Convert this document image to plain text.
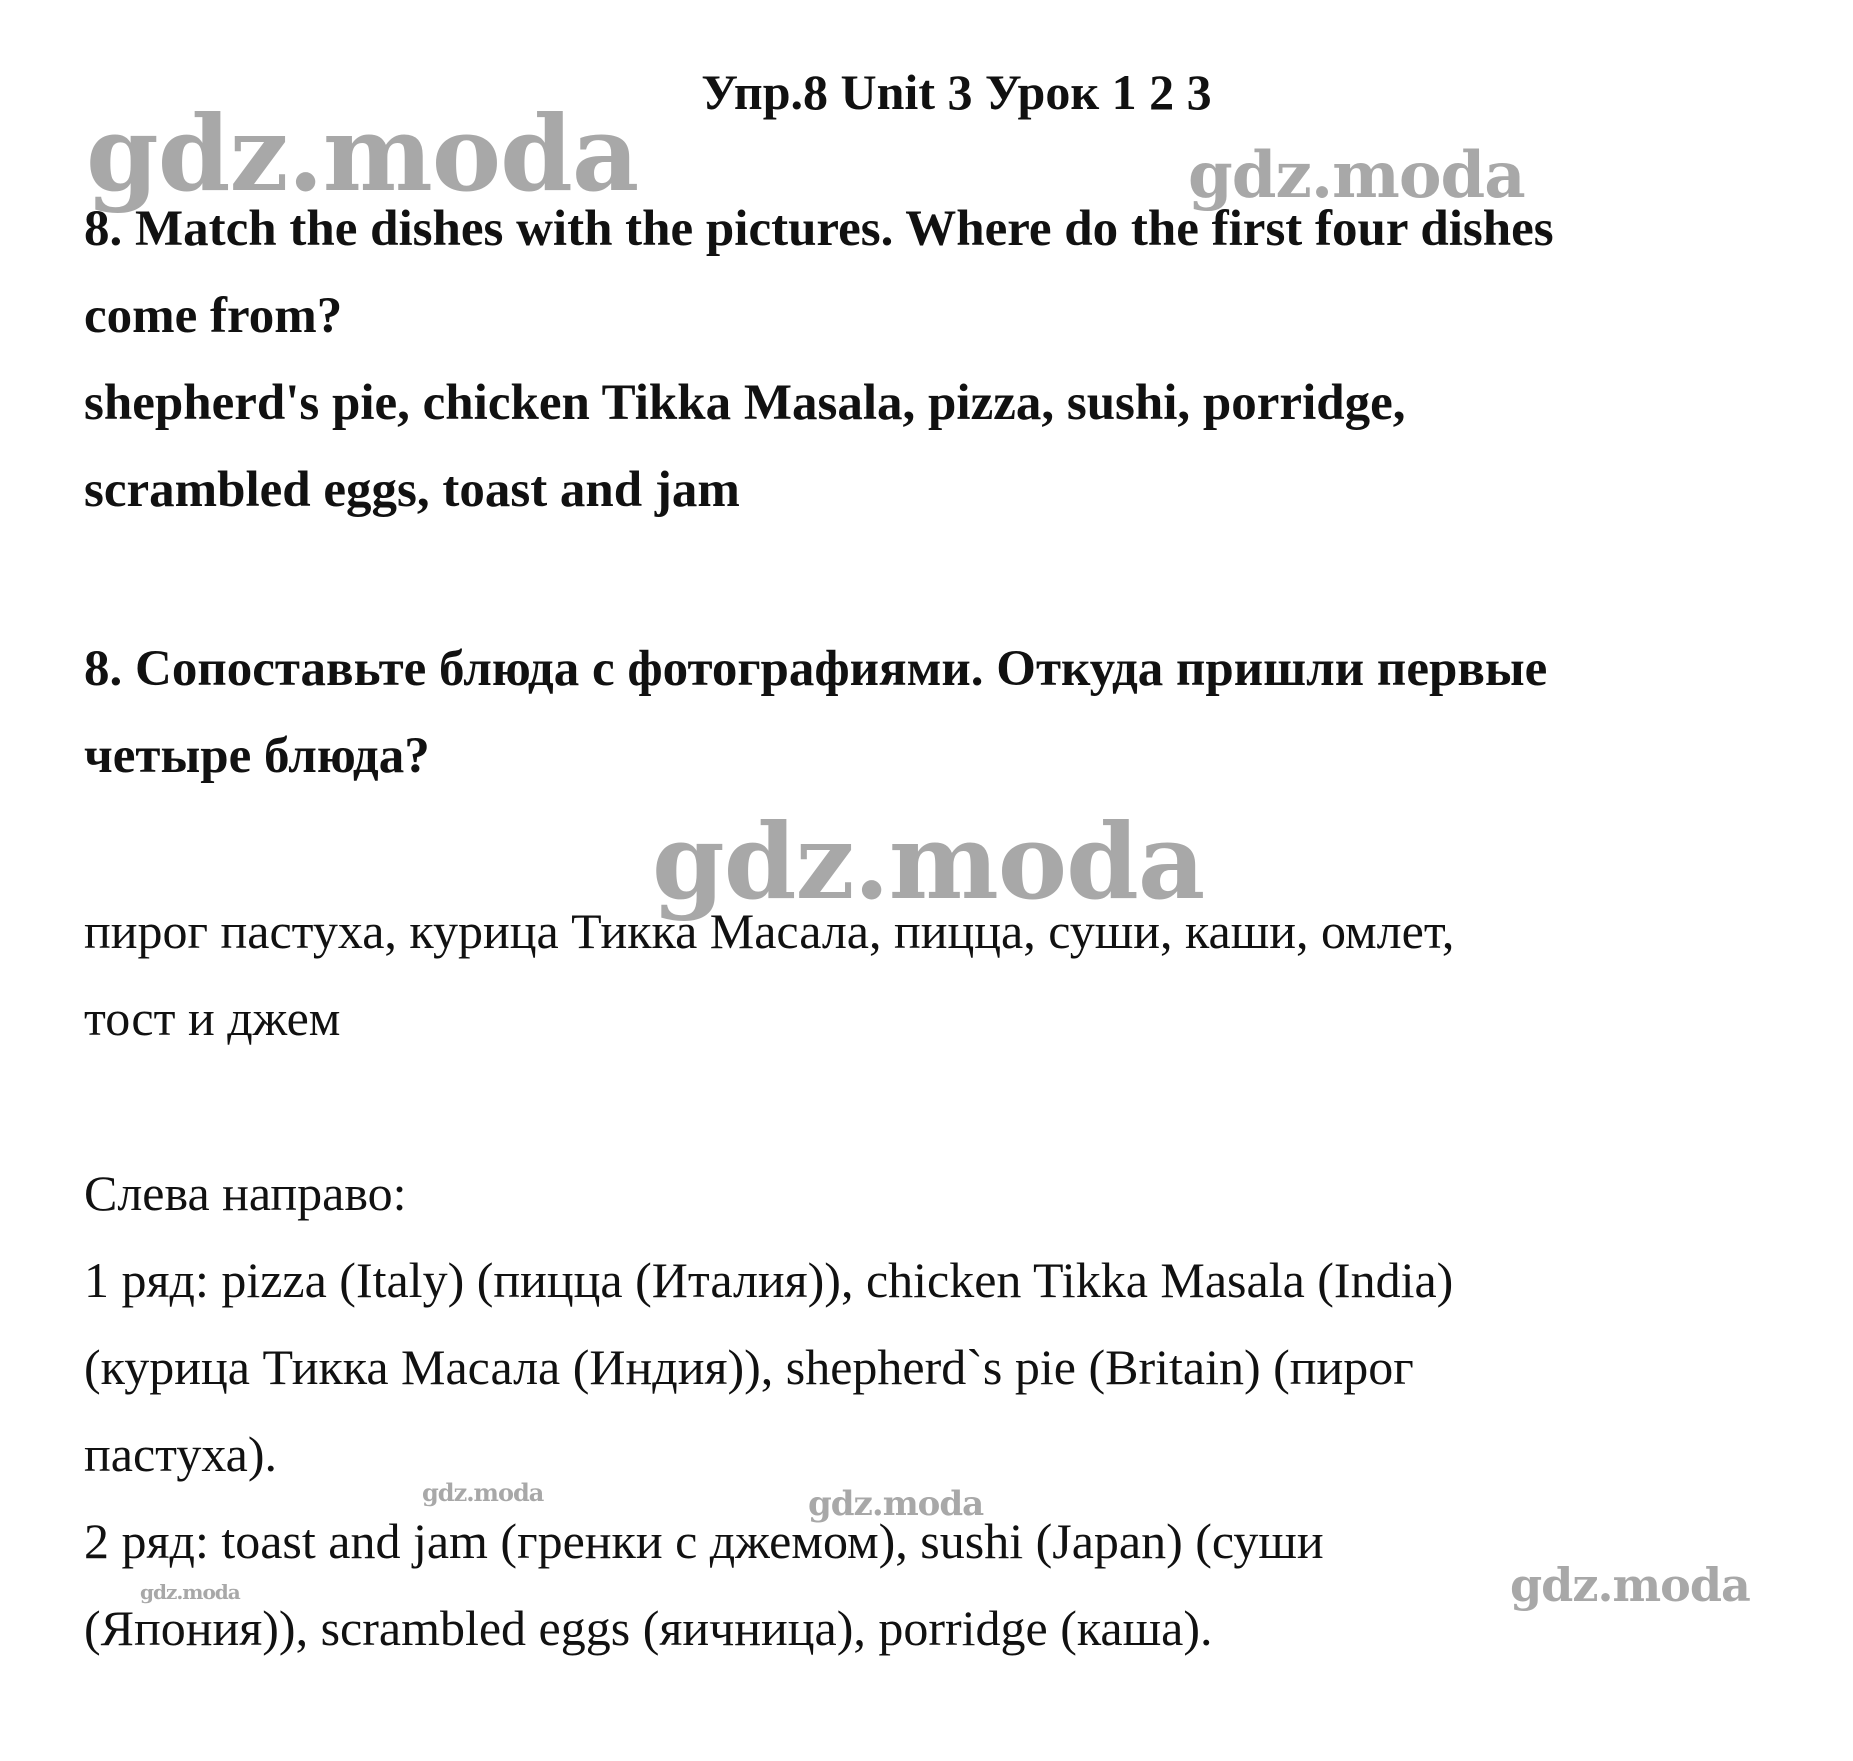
gdz.moda	gdz.moda
gdz.moda
gdz.moda	gdz.moda
gdz.moda	gdz.moda
Упр.8 Unit 3 Урок 1 2 3
8. Match the dishes with the pictures. Where do the first four dishes
come from?
shepherd's pie, chicken Tikka Masala, pizza, sushi, porridge,
scrambled eggs, toast and jam
8. Сопоставьте блюда с фотографиями. Откуда пришли первые
четыре блюда?
пирог пастуха, курица Тикка Масала, пицца, суши, каши, омлет,
тост и джем
Слева направо:
1 ряд: pizza (Italy) (пицца (Италия)), chicken Tikka Masala (India)
(курица Тикка Масала (Индия)), shepherd`s pie (Britain) (пирог
пастуха).
2 ряд: toast and jam (гренки с джемом), sushi (Japan) (суши
(Япония)), scrambled eggs (яичница), porridge (каша).
